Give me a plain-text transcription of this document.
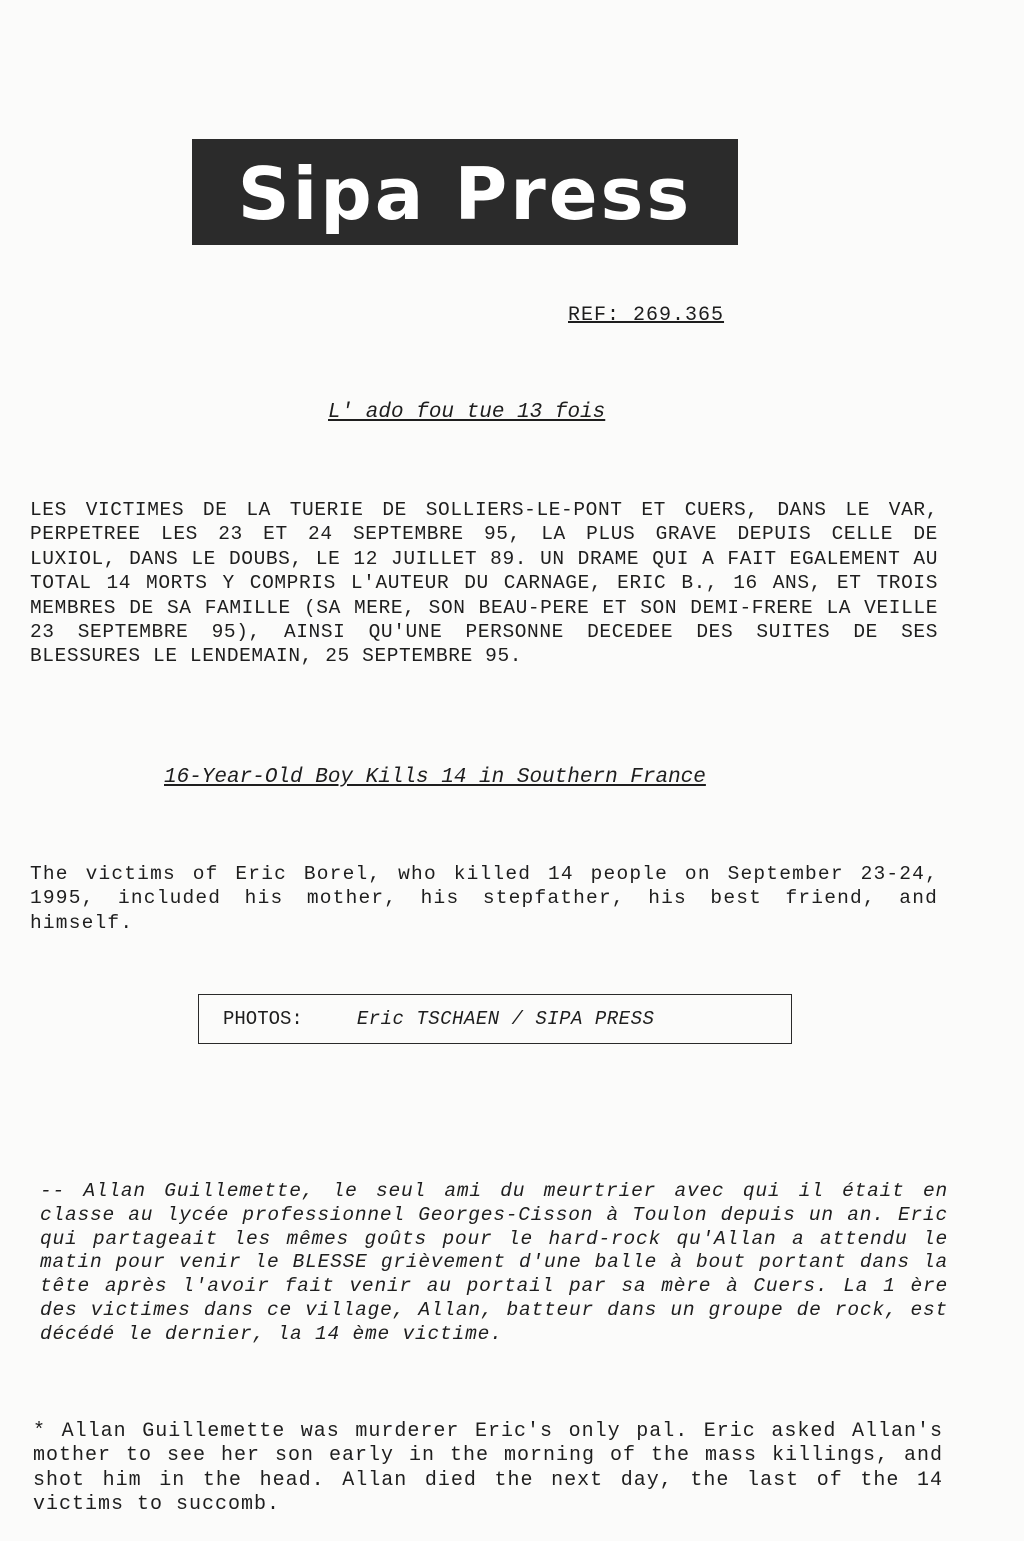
Sipa Press
REF: 269.365
L' ado fou tue 13 fois
LES VICTIMES DE LA TUERIE DE SOLLIERS-LE-PONT ET CUERS, DANS LE VAR, PERPETREE LES 23 ET 24 SEPTEMBRE 95, LA PLUS GRAVE DEPUIS CELLE DE LUXIOL, DANS LE DOUBS, LE 12 JUILLET 89. UN DRAME QUI A FAIT EGALEMENT AU TOTAL 14 MORTS Y COMPRIS L'AUTEUR DU CARNAGE, ERIC B., 16 ANS, ET TROIS MEMBRES DE SA FAMILLE (SA MERE, SON BEAU-PERE ET SON DEMI-FRERE LA VEILLE 23 SEPTEMBRE 95), AINSI QU'UNE PERSONNE DECEDEE DES SUITES DE SES BLESSURES LE LENDEMAIN, 25 SEPTEMBRE 95.
16-Year-Old Boy Kills 14 in Southern France
The victims of Eric Borel, who killed 14 people on September 23-24, 1995, included his mother, his stepfather, his best friend, and himself.
PHOTOS:	Eric TSCHAEN / SIPA PRESS
-- Allan Guillemette, le seul ami du meurtrier avec qui il était en classe au lycée professionnel Georges-Cisson à Toulon depuis un an. Eric qui partageait les mêmes goûts pour le hard-rock qu'Allan a attendu le matin pour venir le BLESSE grièvement d'une balle à bout portant dans la tête après l'avoir fait venir au portail par sa mère à Cuers. La 1 ère des victimes dans ce village, Allan, batteur dans un groupe de rock, est décédé le dernier, la 14 ème victime.
* Allan Guillemette was murderer Eric's only pal. Eric asked Allan's mother to see her son early in the morning of the mass killings, and shot him in the head. Allan died the next day, the last of the 14 victims to succomb.
